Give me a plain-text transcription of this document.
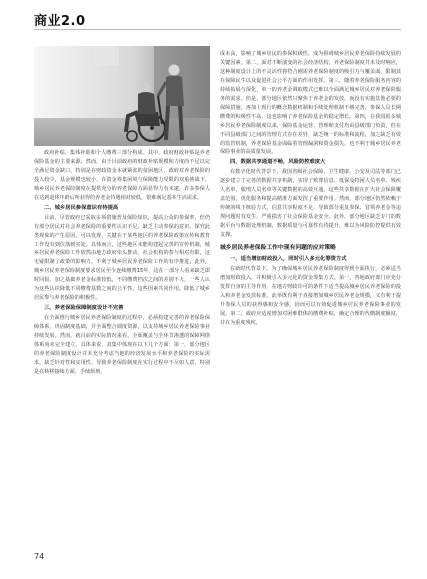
商业2.0

政府补贴、集体补助和个人缴费三部分构成。其中，政府财政补贴是养老保险基金的主要来源。然而，由于目前政府的财政补贴规模和力度尚不足以完全满足资金缺口，特别是在财政资金本就紧张的贫困地区，政府对养老保险的投入较少，基金规模也较小，在资金筹集困境与保障能力受限的双重挑战下，城乡居民养老保险制度在提供充分的养老保障方面显得力有未逮，许多参保人在达到退休年龄后所获得的养老金待遇相对较低，很难满足基本生活需求。

二、城乡居民参保意识有待提高

目前，尽管政府已采取多项措施普及保险知识，提高公众的参保率，但仍有部分居民对社会养老保险的重要性认识不足，缺乏主动参保的意识。探究此类现象的产生原因，可以发现，关键在于某些地区的养老保险政策宣传和教育工作没有到位落到实处。具体而言，这些地区未能构建起完善的宣传机制，城乡居民养老保险工作依然由地方政府牵头推动，社会机构的参与相对有限，这无疑限制了政策的影响力。不利于城乡居民养老保险工作的有序推进。此外，城乡居民养老保险制度要求居民至少连续缴费15年，这在一部分人看来缺乏即时回报，加之基础养老金标准较低，不同缴费档次之间的差别不大，一些人认为这些认识降低不同缴费基数之间的公平性，这些因素共同作用，降低了城乡居民参与养老保险的积极性。

三、养老保险保障制度设计不完善

在全面推行城乡居民养老保险制度的过程中，必须构建完善的养老保险保障体系，巩固制度基础，并全面整合调度资源，以支持城乡居民养老保险事业持续发展。然而，就目前的实际情况来看，全面覆盖与全环节渗透的保障网络体系尚未完全建立。具体来说，其集中体现在以下几个方面：第一，部分地区的养老保险制度设计并未充分考虑当地的经济发展水平和养老保险的实际需求，缺乏针对性和实用性。导致养老保险制度在实行过程中不尽如人意，特别是在转移接续方面，手续烦琐，

成本高，影响了城乡居民的参保积极性，成为阻碍城乡居民养老保险持续发展的关键因素。第二，面对不断演变的社会经济结构，养老保险制度并未及时响应，这种制度设计上的不灵活性将符合刚需养老保险制度的吸引力与覆盖面，限制其在保障民生以及促进社会公平方面的作用发挥。第三，随着养老保险服务内容的持续拓展与深化，单一的养老金调取模式已难以全面满足城乡居民对养老保险服务的需求。但是，部分地区依然只聚焦于养老金的发放，而没有实施其他必要的保障措施。再加上现行的概念数据机制和手续处理机制不够完善，参保人员长期缴费的积极性不高，这也影响了养老保险基金的稳定增长。第四，在我国很多城乡居民养老保险制度以来，保险基金运营、管理和支付均由县级部门负责，但在不同县级部门之间的管理方式存在差异，缺乏统一的标准和流程，加之缺乏有效的监管机制，养老保险基金面临着管理漏洞和资金损失，也不利于城乡居民养老保险事业的高质量发展。

四、数据共享通道不畅，风险防控难度大

在数字化时代背景下，我国省级社会保障、卫生健康、公安及司法等部门已逐步建立了完善的数据共享机制，实现了殡葬信息、低保及特困人员名单、残疾人名单、服刑人员名单等关键数据的高效互通。这些共享数据在扩大社会保障覆盖范围、优化服务和提高精准方面发挥了重要作用。然而，部分地区仍然依赖于传统的线下核验方式，信息共享程度不足，导致部分重复参保、冒领养老金等违规问题时有发生，严重损害了社会保险基金安全。此外，部分地区缺乏专门的数据平台与数据处理机制，数据质量与可靠性有待提升，难以为风险防控提供有效支撑。

城乡居民养老保险工作中现有问题的应对策略

一、适当增加财政投入，同时引入多元化筹资方式

在新时代背景下，为了确保城乡居民养老保险制度得到全面执行，必须适当增加财政投入，并积极引入多元化的资金筹集方式。第一，各地政府部门应充分发挥自身的主导作用，在地方财政许可的条件下适当提高城乡居民养老保险的投入和养老金发放标准。此举既有利于直接增加城乡居民养老金规模，又有利于提升参保人员的获得感和安全感，因而可以有效促进城乡居民养老保险事业的发展。第二，政府应适度增加对困难群体的缴费补贴，确定合理的代缴制度额度，并在为重度残疾、

74
